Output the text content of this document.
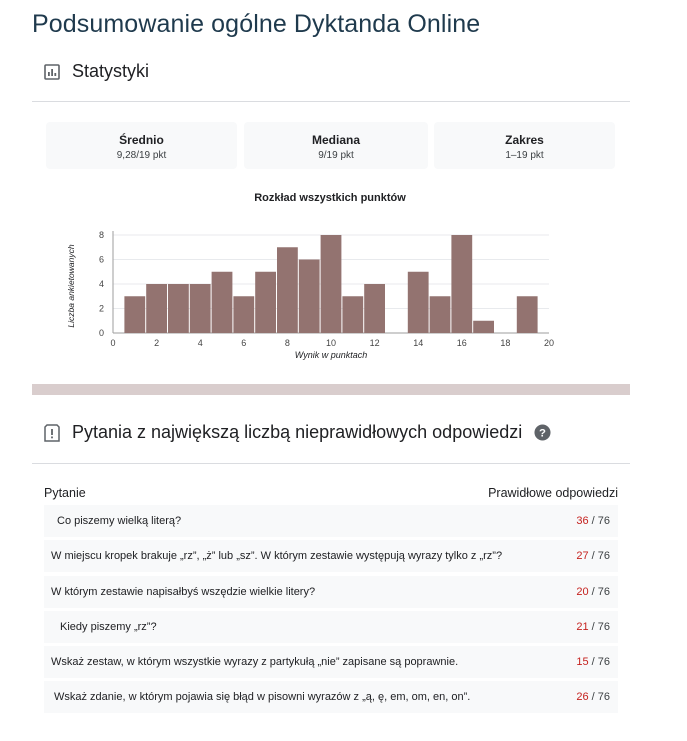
Podsumowanie ogólne Dyktanda Online
Statystyki
Średnio
9,28/19 pkt
Mediana
9/19 pkt
Zakres
1–19 pkt
Rozkład wszystkich punktów
0
2
4
6
8
0	2	4	6	8	10	12	14	16	18	20
Wynik w punktach
Liczba ankietowanych
Pytania z największą liczbą nieprawidłowych odpowiedzi ?
Pytanie	Prawidłowe odpowiedzi
Co piszemy wielką literą?	36 / 76
W miejscu kropek brakuje „rz”, „ż” lub „sz”. W którym zestawie występują wyrazy tylko z „rz”?	27 / 76
W którym zestawie napisałbyś wszędzie wielkie litery?	20 / 76
Kiedy piszemy „rz”?	21 / 76
Wskaż zestaw, w którym wszystkie wyrazy z partykułą „nie” zapisane są poprawnie.	15 / 76
Wskaż zdanie, w którym pojawia się błąd w pisowni wyrazów z „ą, ę, em, om, en, on”.	26 / 76
